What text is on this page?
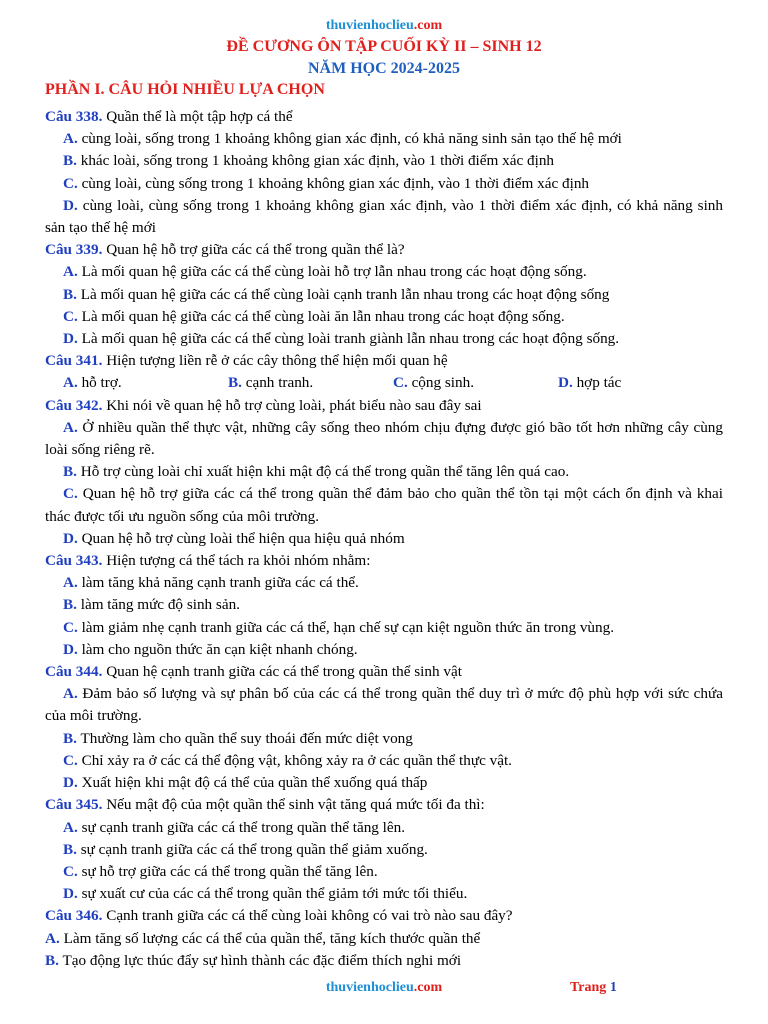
thuvienhoclieu.com
ĐỀ CƯƠNG ÔN TẬP CUỐI KỲ II – SINH 12
NĂM HỌC 2024-2025
PHẦN I. CÂU HỎI NHIỀU LỰA CHỌN

Câu 338. Quần thể là một tập hợp cá thể

A. cùng loài, sống trong 1 khoảng không gian xác định, có khả năng sinh sản tạo thế hệ mới

B. khác loài, sống trong 1 khoảng không gian xác định, vào 1 thời điểm xác định

C. cùng loài, cùng sống trong 1 khoảng không gian xác định, vào 1 thời điểm xác định

D. cùng loài, cùng sống trong 1 khoảng không gian xác định, vào 1 thời điểm xác định, có khả năng sinh sản tạo thế hệ mới

Câu 339. Quan hệ hỗ trợ giữa các cá thể trong quần thể là?

A. Là mối quan hệ giữa các cá thể cùng loài hỗ trợ lẫn nhau trong các hoạt động sống.

B. Là mối quan hệ giữa các cá thể cùng loài cạnh tranh lẫn nhau trong các hoạt động sống

C. Là mối quan hệ giữa các cá thể cùng loài ăn lẫn nhau trong các hoạt động sống.

D. Là mối quan hệ giữa các cá thể cùng loài tranh giành lẫn nhau trong các hoạt động sống.

Câu 341. Hiện tượng liền rễ ở các cây thông thể hiện mối quan hệ

A. hỗ trợ.	B. cạnh tranh.	C. cộng sinh.	D. hợp tác

Câu 342. Khi nói về quan hệ hỗ trợ cùng loài, phát biểu nào sau đây sai

A. Ở nhiều quần thể thực vật, những cây sống theo nhóm chịu đựng được gió bão tốt hơn những cây cùng loài sống riêng rẽ.

B. Hỗ trợ cùng loài chỉ xuất hiện khi mật độ cá thể trong quần thể tăng lên quá cao.

C. Quan hệ hỗ trợ giữa các cá thể trong quần thể đảm bảo cho quần thể tồn tại một cách ổn định và khai thác được tối ưu nguồn sống của môi trường.

D. Quan hệ hỗ trợ cùng loài thể hiện qua hiệu quả nhóm

Câu 343. Hiện tượng cá thể tách ra khỏi nhóm nhằm:

A. làm tăng khả năng cạnh tranh giữa các cá thể.

B. làm tăng mức độ sinh sản.

C. làm giảm nhẹ cạnh tranh giữa các cá thể, hạn chế sự cạn kiệt nguồn thức ăn trong vùng.

D. làm cho nguồn thức ăn cạn kiệt nhanh chóng.

Câu 344. Quan hệ cạnh tranh giữa các cá thể trong quần thể sinh vật

A. Đảm bảo số lượng và sự phân bố của các cá thể trong quần thể duy trì ở mức độ phù hợp với sức chứa của môi trường.

B. Thường làm cho quần thể suy thoái đến mức diệt vong

C. Chỉ xảy ra ở các cá thể động vật, không xảy ra ở các quần thể thực vật.

D. Xuất hiện khi mật độ cá thể của quần thể xuống quá thấp

Câu 345. Nếu mật độ của một quần thể sinh vật tăng quá mức tối đa thì:

A. sự cạnh tranh giữa các cá thể trong quần thể tăng lên.

B. sự cạnh tranh giữa các cá thể trong quần thể giảm xuống.

C. sự hỗ trợ giữa các cá thể trong quần thể tăng lên.

D. sự xuất cư của các cá thể trong quần thể giảm tới mức tối thiểu.

Câu 346. Cạnh tranh giữa các cá thể cùng loài không có vai trò nào sau đây?

A. Làm tăng số lượng các cá thể của quần thể, tăng kích thước quần thể

B. Tạo động lực thúc đẩy sự hình thành các đặc điểm thích nghi mới

thuvienhoclieu.com	Trang 1
